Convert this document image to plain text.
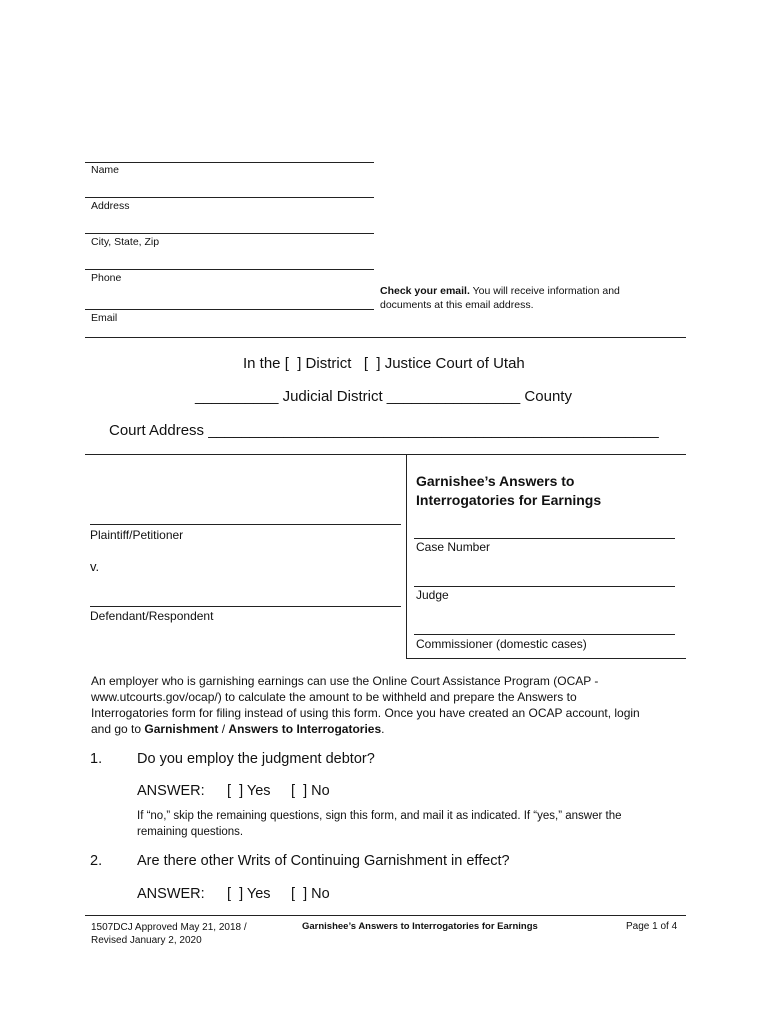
Name
Address
City, State, Zip
Phone
Email
Check your email. You will receive information and
documents at this email address.
In the [  ] District   [  ] Justice Court of Utah
__________ Judicial District ________________ County
Court Address ______________________________________________________
Garnishee’s Answers to
Interrogatories for Earnings
Plaintiff/Petitioner
v.
Defendant/Respondent
Case Number
Judge
Commissioner (domestic cases)
An employer who is garnishing earnings can use the Online Court Assistance Program (OCAP -
www.utcourts.gov/ocap/) to calculate the amount to be withheld and prepare the Answers to
Interrogatories form for filing instead of using this form. Once you have created an OCAP account, login
and go to Garnishment / Answers to Interrogatories.
1. Do you employ the judgment debtor?
ANSWER: [  ] Yes [  ] No
If “no,” skip the remaining questions, sign this form, and mail it as indicated. If “yes,” answer the
remaining questions.
2. Are there other Writs of Continuing Garnishment in effect?
ANSWER: [  ] Yes [  ] No
1507DCJ Approved May 21, 2018 /
Revised January 2, 2020
Garnishee’s Answers to Interrogatories for Earnings	Page 1 of 4
